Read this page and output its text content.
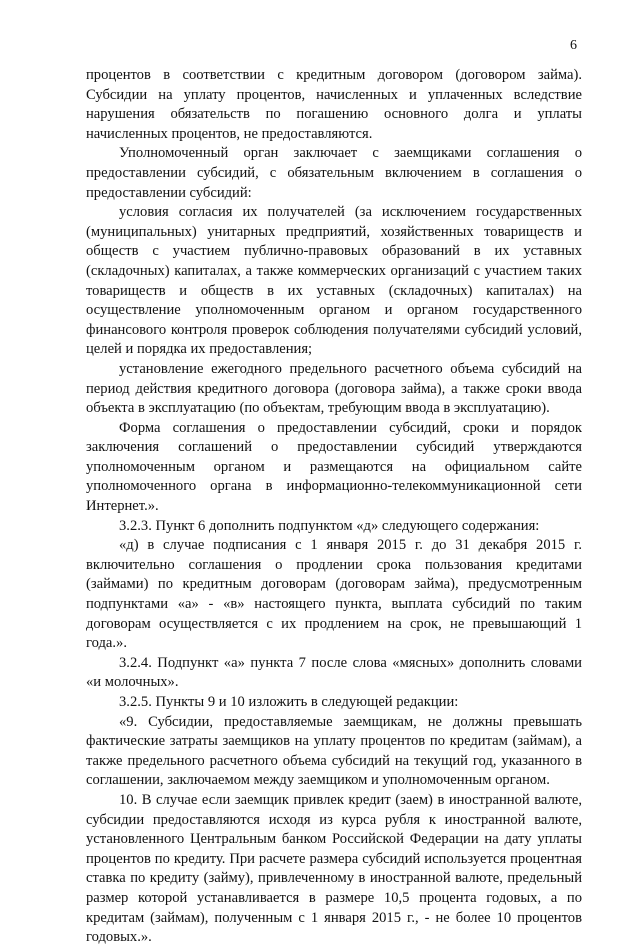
6

процентов в соответствии с кредитным договором (договором займа). Субсидии на уплату процентов, начисленных и уплаченных вследствие нарушения обязательств по погашению основного долга и уплаты начисленных процентов, не предоставляются.

Уполномоченный орган заключает с заемщиками соглашения о предоставлении субсидий, с обязательным включением в соглашения о предоставлении субсидий:

условия согласия их получателей (за исключением государственных (муниципальных) унитарных предприятий, хозяйственных товариществ и обществ с участием публично-правовых образований в их уставных (складочных) капиталах, а также коммерческих организаций с участием таких товариществ и обществ в их уставных (складочных) капиталах) на осуществление уполномоченным органом и органом государственного финансового контроля проверок соблюдения получателями субсидий условий, целей и порядка их предоставления;

установление ежегодного предельного расчетного объема субсидий на период действия кредитного договора (договора займа), а также сроки ввода объекта в эксплуатацию (по объектам, требующим ввода в эксплуатацию).

Форма соглашения о предоставлении субсидий, сроки и порядок заключения соглашений о предоставлении субсидий утверждаются уполномоченным органом и размещаются на официальном сайте уполномоченного органа в информационно-телекоммуникационной сети Интернет.».

3.2.3. Пункт 6 дополнить подпунктом «д» следующего содержания:

«д) в случае подписания с 1 января 2015 г. до 31 декабря 2015 г. включительно соглашения о продлении срока пользования кредитами (займами) по кредитным договорам (договорам займа), предусмотренным подпунктами «а» - «в» настоящего пункта, выплата субсидий по таким договорам осуществляется с их продлением на срок, не превышающий 1 года.».

3.2.4. Подпункт «а» пункта 7 после слова «мясных» дополнить словами «и молочных».

3.2.5. Пункты 9 и 10 изложить в следующей редакции:

«9. Субсидии, предоставляемые заемщикам, не должны превышать фактические затраты заемщиков на уплату процентов по кредитам (займам), а также предельного расчетного объема субсидий на текущий год, указанного в соглашении, заключаемом между заемщиком и уполномоченным органом.

10. В случае если заемщик привлек кредит (заем) в иностранной валюте, субсидии предоставляются исходя из курса рубля к иностранной валюте, установленного Центральным банком Российской Федерации на дату уплаты процентов по кредиту. При расчете размера субсидий используется процентная ставка по кредиту (займу), привлеченному в иностранной валюте, предельный размер которой устанавливается в размере 10,5 процента годовых, а по кредитам (займам), полученным с 1 января 2015 г., - не более 10 процентов годовых.».
